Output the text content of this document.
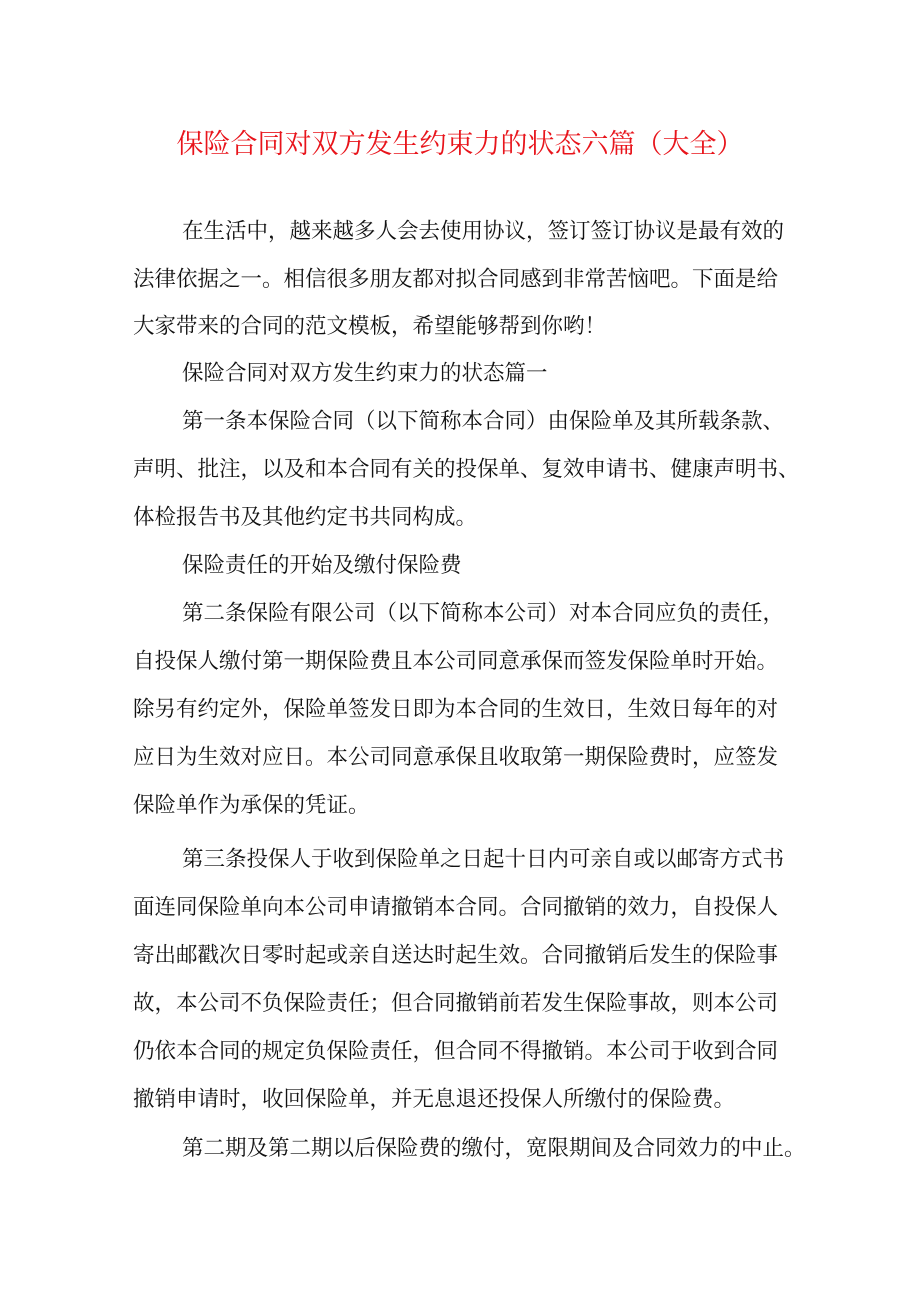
保险合同对双方发生约束力的状态六篇（大全）
在生活中，越来越多人会去使用协议，签订签订协议是最有效的
法律依据之一。相信很多朋友都对拟合同感到非常苦恼吧。下面是给
大家带来的合同的范文模板，希望能够帮到你哟！
保险合同对双方发生约束力的状态篇一
第一条本保险合同（以下简称本合同）由保险单及其所载条款、
声明、批注，以及和本合同有关的投保单、复效申请书、健康声明书、
体检报告书及其他约定书共同构成。
保险责任的开始及缴付保险费
第二条保险有限公司（以下简称本公司）对本合同应负的责任，
自投保人缴付第一期保险费且本公司同意承保而签发保险单时开始。
除另有约定外，保险单签发日即为本合同的生效日，生效日每年的对
应日为生效对应日。本公司同意承保且收取第一期保险费时，应签发
保险单作为承保的凭证。
第三条投保人于收到保险单之日起十日内可亲自或以邮寄方式书
面连同保险单向本公司申请撤销本合同。合同撤销的效力，自投保人
寄出邮戳次日零时起或亲自送达时起生效。合同撤销后发生的保险事
故，本公司不负保险责任；但合同撤销前若发生保险事故，则本公司
仍依本合同的规定负保险责任，但合同不得撤销。本公司于收到合同
撤销申请时，收回保险单，并无息退还投保人所缴付的保险费。
第二期及第二期以后保险费的缴付，宽限期间及合同效力的中止。
